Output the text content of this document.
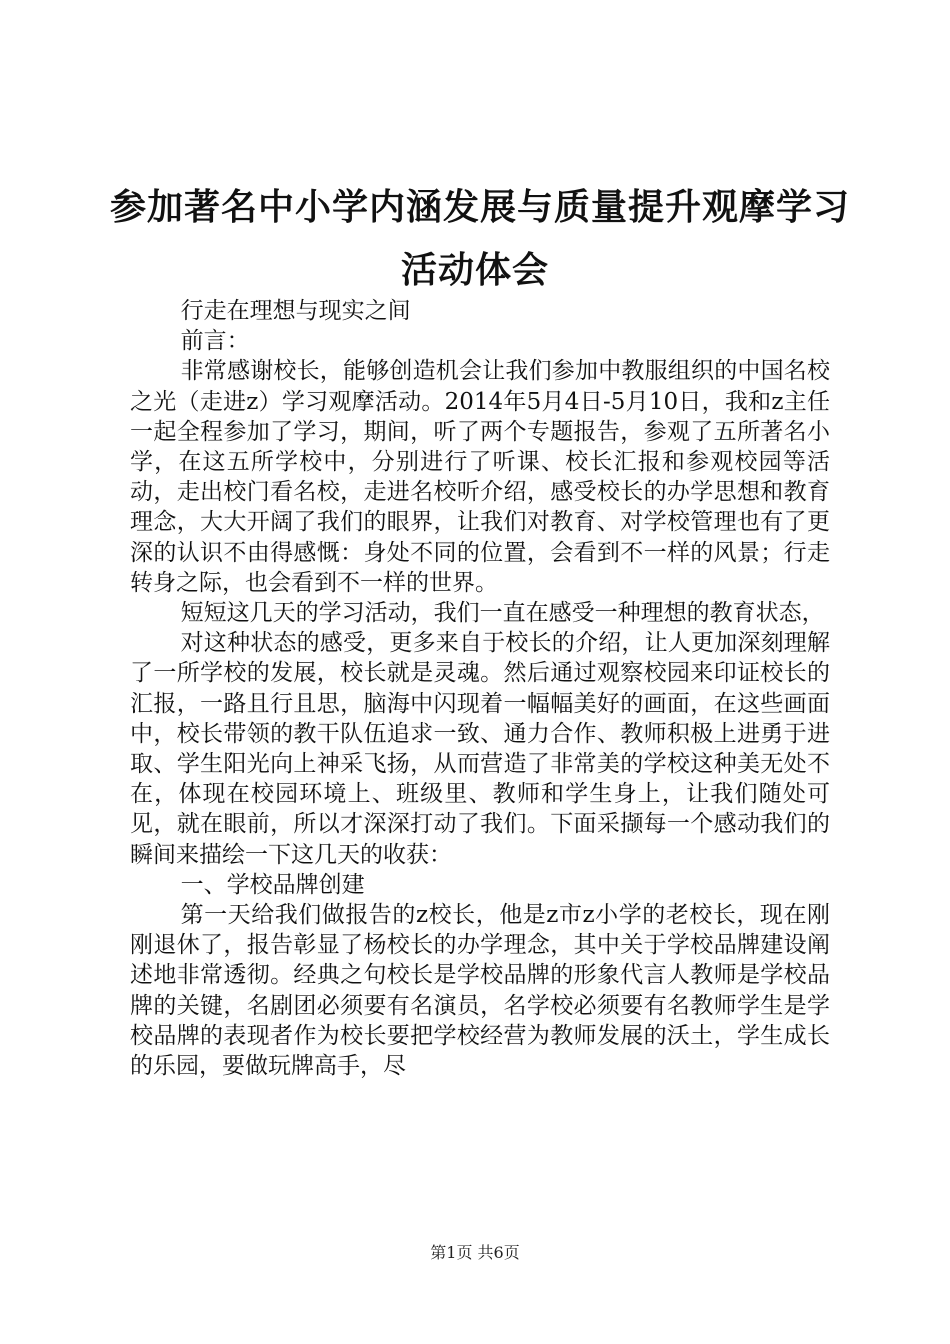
参加著名中小学内涵发展与质量提升观摩学习
活动体会

行走在理想与现实之间

前言：

非常感谢校长，能够创造机会让我们参加中教服组织的中国名校之光（走进z）学习观摩活动。2014年5月4日-5月10日，我和z主任一起全程参加了学习，期间，听了两个专题报告，参观了五所著名小学，在这五所学校中，分别进行了听课、校长汇报和参观校园等活动，走出校门看名校，走进名校听介绍，感受校长的办学思想和教育理念，大大开阔了我们的眼界，让我们对教育、对学校管理也有了更深的认识不由得感慨：身处不同的位置，会看到不一样的风景；行走转身之际，也会看到不一样的世界。

短短这几天的学习活动，我们一直在感受一种理想的教育状态，

对这种状态的感受，更多来自于校长的介绍，让人更加深刻理解了一所学校的发展，校长就是灵魂。然后通过观察校园来印证校长的汇报，一路且行且思，脑海中闪现着一幅幅美好的画面，在这些画面中，校长带领的教干队伍追求一致、通力合作、教师积极上进勇于进取、学生阳光向上神采飞扬，从而营造了非常美的学校这种美无处不在，体现在校园环境上、班级里、教师和学生身上，让我们随处可见，就在眼前，所以才深深打动了我们。下面采撷每一个感动我们的瞬间来描绘一下这几天的收获：

一、学校品牌创建

第一天给我们做报告的z校长，他是z市z小学的老校长，现在刚刚退休了，报告彰显了杨校长的办学理念，其中关于学校品牌建设阐述地非常透彻。经典之句校长是学校品牌的形象代言人教师是学校品牌的关键，名剧团必须要有名演员，名学校必须要有名教师学生是学校品牌的表现者作为校长要把学校经营为教师发展的沃土，学生成长的乐园，要做玩牌高手，尽

第1页 共6页
